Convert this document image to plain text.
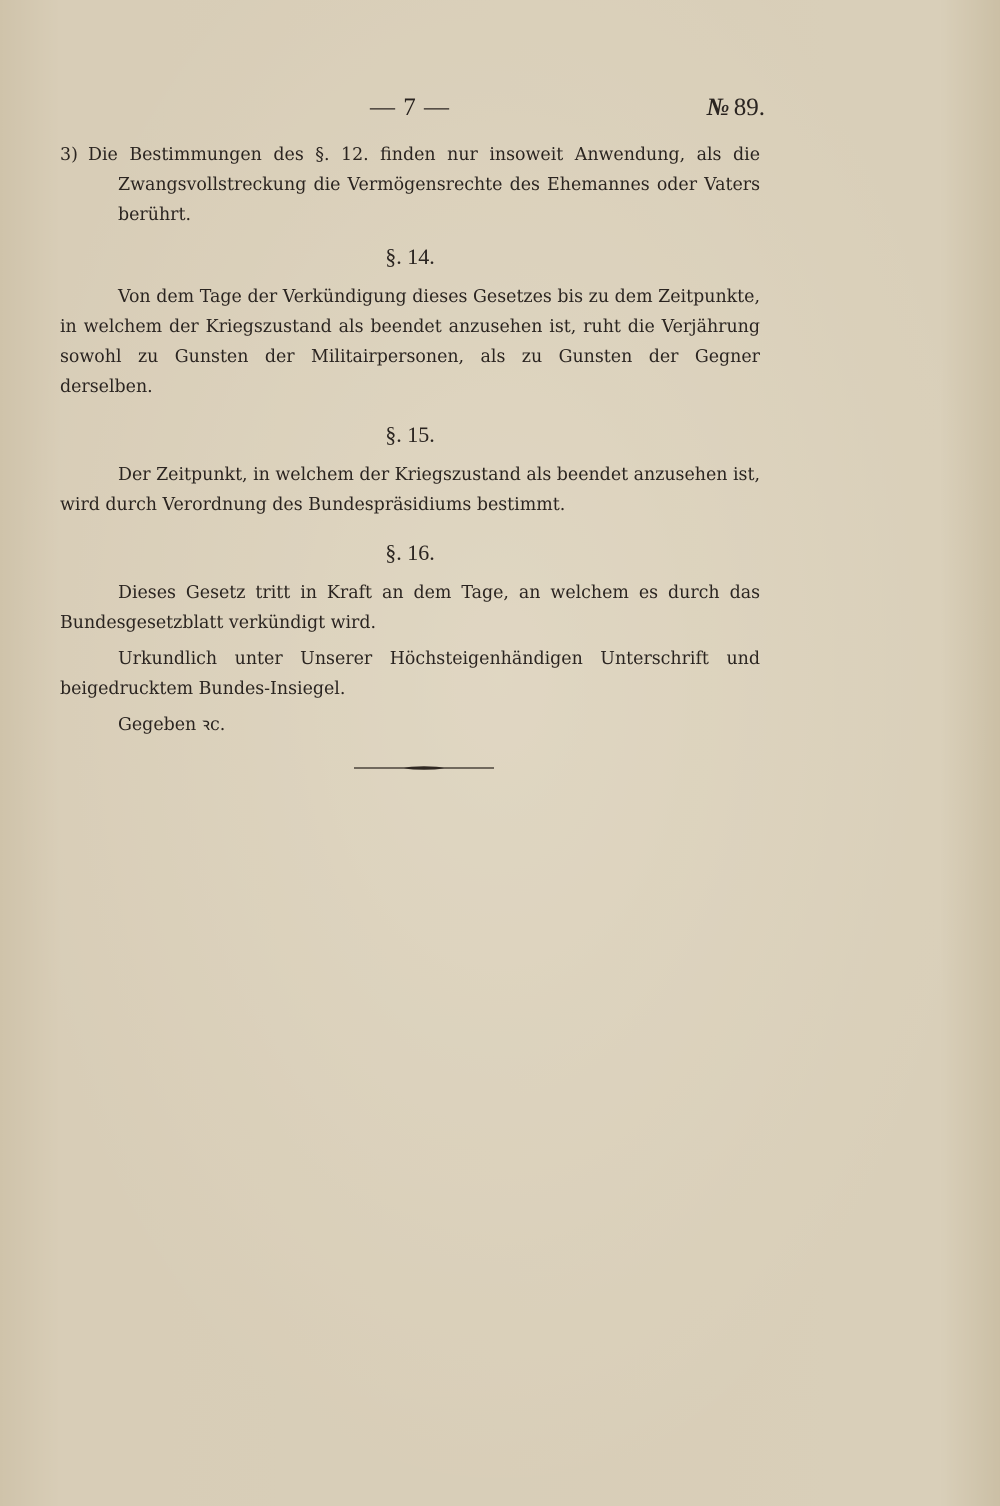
— 7 —	№ 89.

3) Die Bestimmungen des §. 12. finden nur insoweit Anwendung, als die Zwangsvollstreckung die Vermögensrechte des Ehemannes oder Vaters berührt.

§. 14.

Von dem Tage der Verkündigung dieses Gesetzes bis zu dem Zeitpunkte, in welchem der Kriegszustand als beendet anzusehen ist, ruht die Verjährung sowohl zu Gunsten der Militairpersonen, als zu Gunsten der Gegner derselben.

§. 15.

Der Zeitpunkt, in welchem der Kriegszustand als beendet anzusehen ist, wird durch Verordnung des Bundespräsidiums bestimmt.

§. 16.

Dieses Gesetz tritt in Kraft an dem Tage, an welchem es durch das Bundesgesetzblatt verkündigt wird.

Urkundlich unter Unserer Höchsteigenhändigen Unterschrift und beigedrucktem Bundes-Insiegel.

Gegeben ꝛc.
